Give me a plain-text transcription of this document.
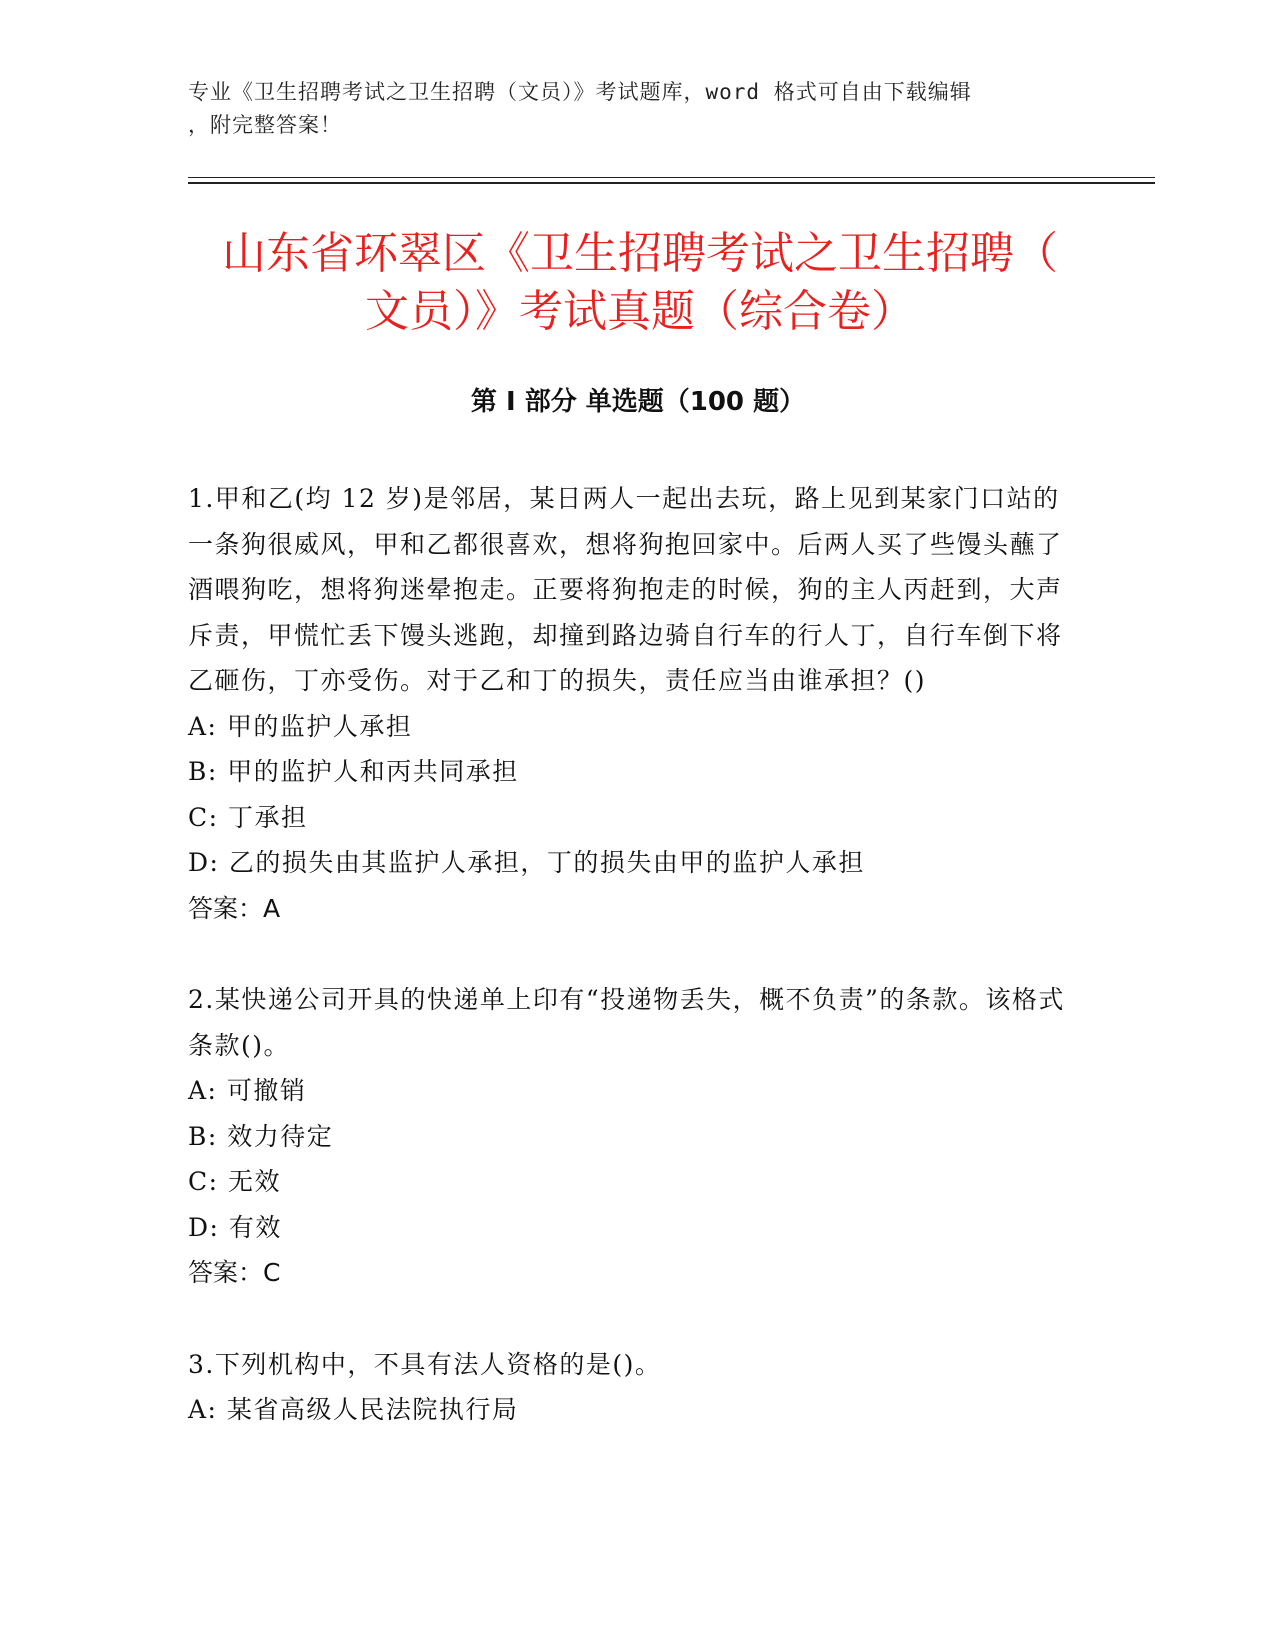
专业《卫生招聘考试之卫生招聘（文员）》考试题库，word 格式可自由下载编辑
，附完整答案！
山东省环翠区《卫生招聘考试之卫生招聘（
文员）》考试真题（综合卷）
第 I 部分 单选题（100 题）

1.甲和乙(均 12 岁)是邻居，某日两人一起出去玩，路上见到某家门口站的一条狗很威风，甲和乙都很喜欢，想将狗抱回家中。后两人买了些馒头蘸了酒喂狗吃，想将狗迷晕抱走。正要将狗抱走的时候，狗的主人丙赶到，大声斥责，甲慌忙丢下馒头逃跑，却撞到路边骑自行车的行人丁，自行车倒下将乙砸伤，丁亦受伤。对于乙和丁的损失，责任应当由谁承担？()

A: 甲的监护人承担

B: 甲的监护人和丙共同承担

C: 丁承担

D: 乙的损失由其监护人承担，丁的损失由甲的监护人承担

答案：A

2.某快递公司开具的快递单上印有“投递物丢失，概不负责”的条款。该格式条款()。

A: 可撤销

B: 效力待定

C: 无效

D: 有效

答案：C

3.下列机构中，不具有法人资格的是()。

A: 某省高级人民法院执行局
